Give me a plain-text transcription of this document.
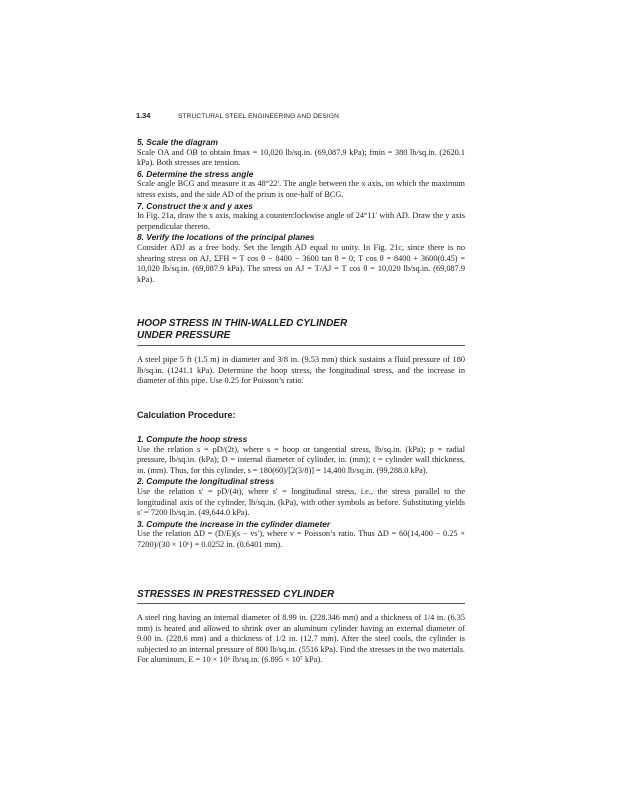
1.34	STRUCTURAL STEEL ENGINEERING AND DESIGN

5. Scale the diagram

Scale OA and OB to obtain fmax = 10,020 lb/sq.in. (69,087.9 kPa); fmin = 380 lb/sq.in. (2620.1 kPa). Both stresses are tension.

6. Determine the stress angle

Scale angle BCG and measure it as 48°22′. The angle between the x axis, on which the maximum stress exists, and the side AD of the prism is one-half of BCG.

7. Construct the x and y axes

In Fig. 21a, draw the x axis, making a counterclockwise angle of 24°11′ with AD. Draw the y axis perpendicular thereto.

8. Verify the locations of the principal planes

Consider ADJ as a free body. Set the length AD equal to unity. In Fig. 21c, since there is no shearing stress on AJ, ΣFH = T cos θ − 8400 − 3600 tan θ = 0; T cos θ = 8400 + 3600(0.45) = 10,020 lb/sq.in. (69,087.9 kPa). The stress on AJ = T/AJ = T cos θ = 10,020 lb/sq.in. (69,087.9 kPa).

HOOP STRESS IN THIN-WALLED CYLINDER
UNDER PRESSURE

A steel pipe 5 ft (1.5 m) in diameter and 3/8 in. (9.53 mm) thick sustains a fluid pressure of 180 lb/sq.in. (1241.1 kPa). Determine the hoop stress, the longitudinal stress, and the increase in diameter of this pipe. Use 0.25 for Poisson’s ratio.

Calculation Procedure:

1. Compute the hoop stress

Use the relation s = pD/(2t), where s = hoop or tangential stress, lb/sq.in. (kPa); p = radial pressure, lb/sq.in. (kPa); D = internal diameter of cylinder, in. (mm); t = cylinder wall thickness, in. (mm). Thus, for this cylinder, s = 180(60)/[2(3/8)] = 14,400 lb/sq.in. (99,288.0 kPa).

2. Compute the longitudinal stress

Use the relation s′ = pD/(4t), where s′ = longitudinal stress, i.e., the stress parallel to the longitudinal axis of the cylinder, lb/sq.in. (kPa), with other symbols as before. Substituting yields s′ = 7200 lb/sq.in. (49,644.0 kPa).

3. Compute the increase in the cylinder diameter

Use the relation ΔD = (D/E)(s − vs′), where v = Poisson’s ratio. Thus ΔD = 60(14,400 − 0.25 × 7200)/(30 × 10⁶) = 0.0252 in. (0.6401 mm).

STRESSES IN PRESTRESSED CYLINDER

A steel ring having an internal diameter of 8.99 in. (228.346 mm) and a thickness of 1/4 in. (6.35 mm) is heated and allowed to shrink over an aluminum cylinder having an external diameter of 9.00 in. (228.6 mm) and a thickness of 1/2 in. (12.7 mm). After the steel cools, the cylinder is subjected to an internal pressure of 800 lb/sq.in. (5516 kPa). Find the stresses in the two materials. For aluminum, E = 10 × 10⁶ lb/sq.in. (6.895 × 10⁷ kPa).
